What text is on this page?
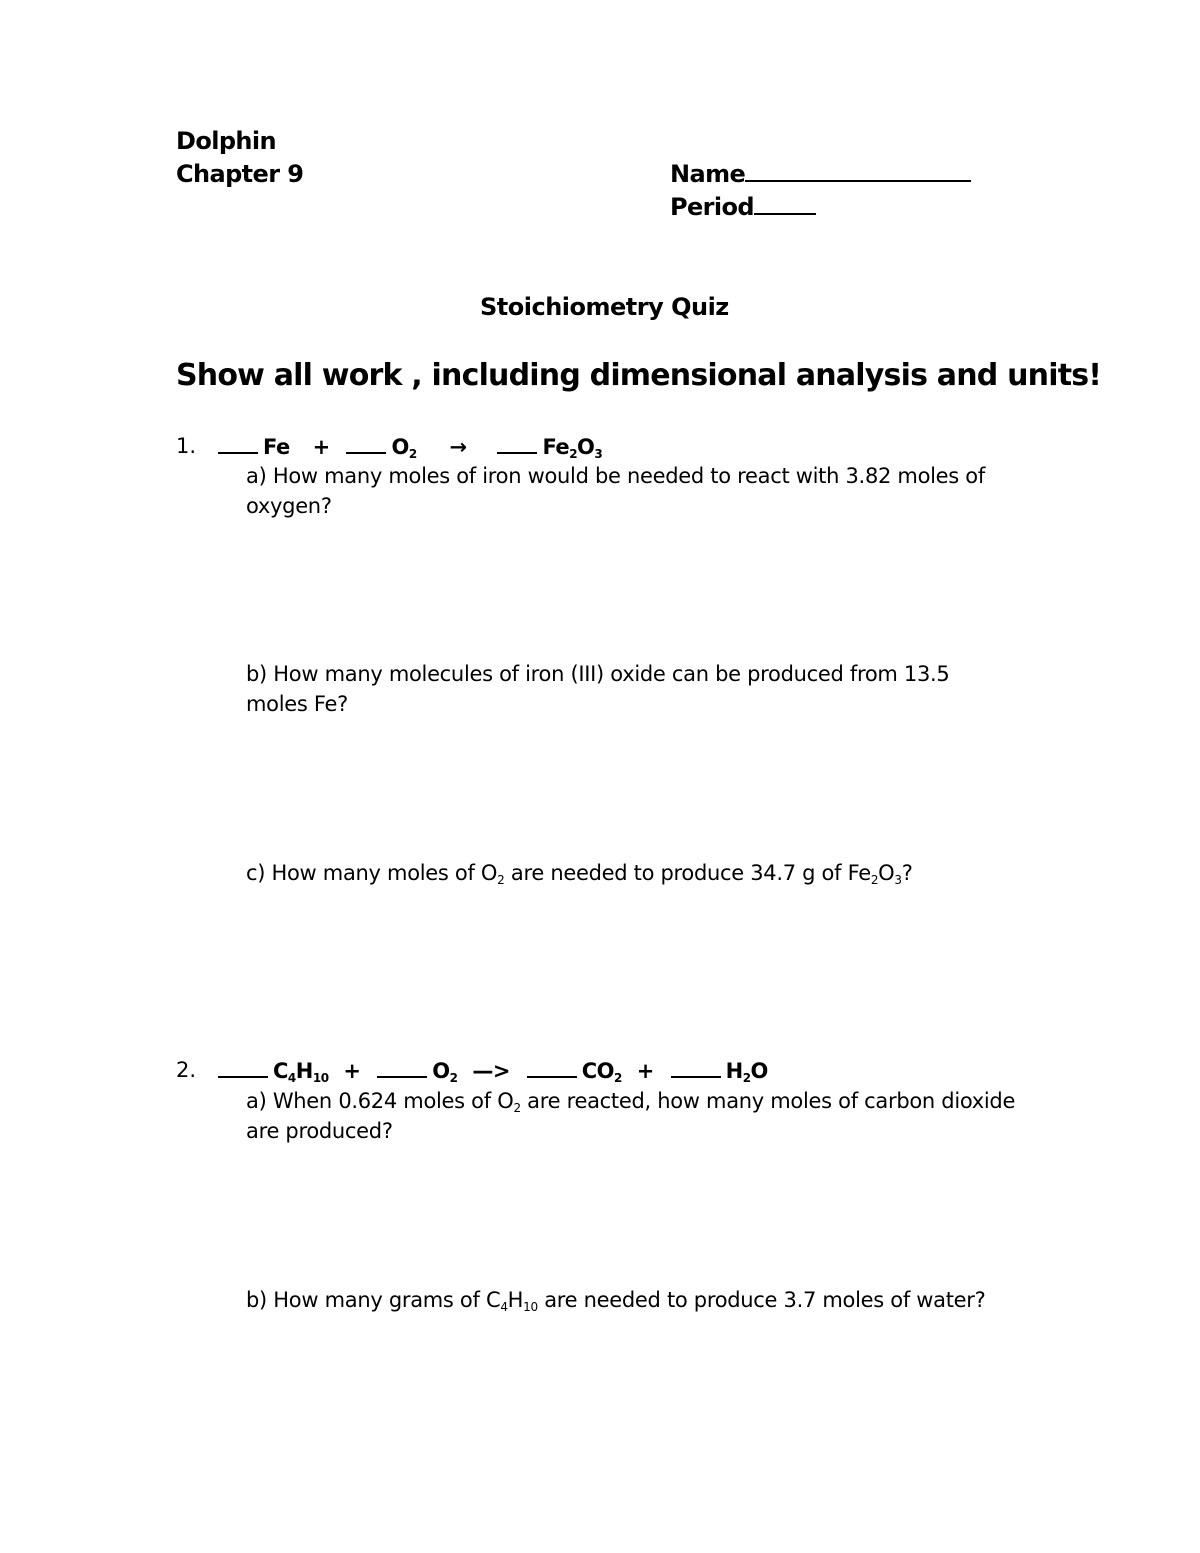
Dolphin
Chapter 9	Name
Period
Stoichiometry Quiz
Show all work , including dimensional analysis and units!
1.	Fe +	$O_2$ →	$Fe_2O_3$
a) How many moles of iron would be needed to react with 3.82 moles of oxygen?
b) How many molecules of iron (III) oxide can be produced from 13.5 moles Fe?
c) How many moles of $O_2$ are needed to produce 34.7 g of $Fe_2O_3$?
2.	$C_4H_{10}$ +	$O_2$ —>	$CO_2$ +	$H_2O$
a) When 0.624 moles of $O_2$ are reacted, how many moles of carbon dioxide are produced?
b) How many grams of $C_4H_{10}$ are needed to produce 3.7 moles of water?
